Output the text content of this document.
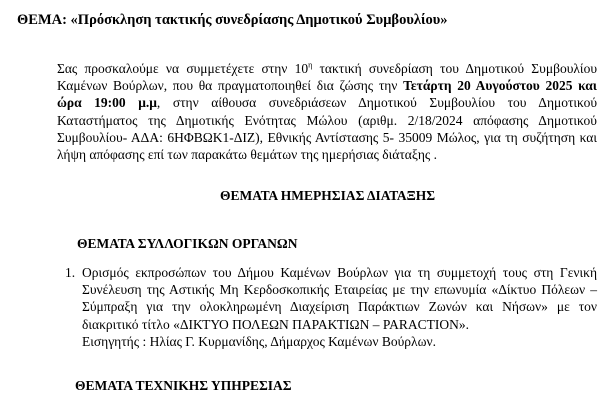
ΘΕΜΑ: «Πρόσκληση τακτικής συνεδρίασης Δημοτικού Συμβουλίου»

Σας προσκαλούμε να συμμετέχετε στην $10^\eta$ τακτική συνεδρίαση του Δημοτικού Συμβουλίου Καμένων Βούρλων, που θα πραγματοποιηθεί δια ζώσης την Τετάρτη 20 Αυγούστου 2025 και ώρα 19:00 μ.μ, στην αίθουσα συνεδριάσεων Δημοτικού Συμβουλίου του Δημοτικού Καταστήματος της Δημοτικής Ενότητας Μώλου (αριθμ. 2/18/2024 απόφασης Δημοτικού Συμβουλίου- ΑΔΑ: 6ΗΦΒΩΚ1-ΔΙΖ), Εθνικής Αντίστασης 5- 35009 Μώλος, για τη συζήτηση και λήψη απόφασης επί των παρακάτω θεμάτων της ημερήσιας διάταξης .

ΘΕΜΑΤΑ ΗΜΕΡΗΣΙΑΣ ΔΙΑΤΑΞΗΣ
ΘΕΜΑΤΑ ΣΥΛΛΟΓΙΚΩΝ ΟΡΓΑΝΩΝ
1. Ορισμός εκπροσώπων του Δήμου Καμένων Βούρλων για τη συμμετοχή τους στη Γενική Συνέλευση της Αστικής Μη Κερδοσκοπικής Εταιρείας με την επωνυμία «Δίκτυο Πόλεων – Σύμπραξη για την ολοκληρωμένη Διαχείριση Παράκτιων Ζωνών και Νήσων» με τον διακριτικό τίτλο «ΔΙΚΤΥΟ ΠΟΛΕΩΝ ΠΑΡΑΚΤΙΩΝ – PARACTION».
Εισηγητής : Ηλίας Γ. Κυρμανίδης, Δήμαρχος Καμένων Βούρλων.
ΘΕΜΑΤΑ ΤΕΧΝΙΚΗΣ ΥΠΗΡΕΣΙΑΣ
